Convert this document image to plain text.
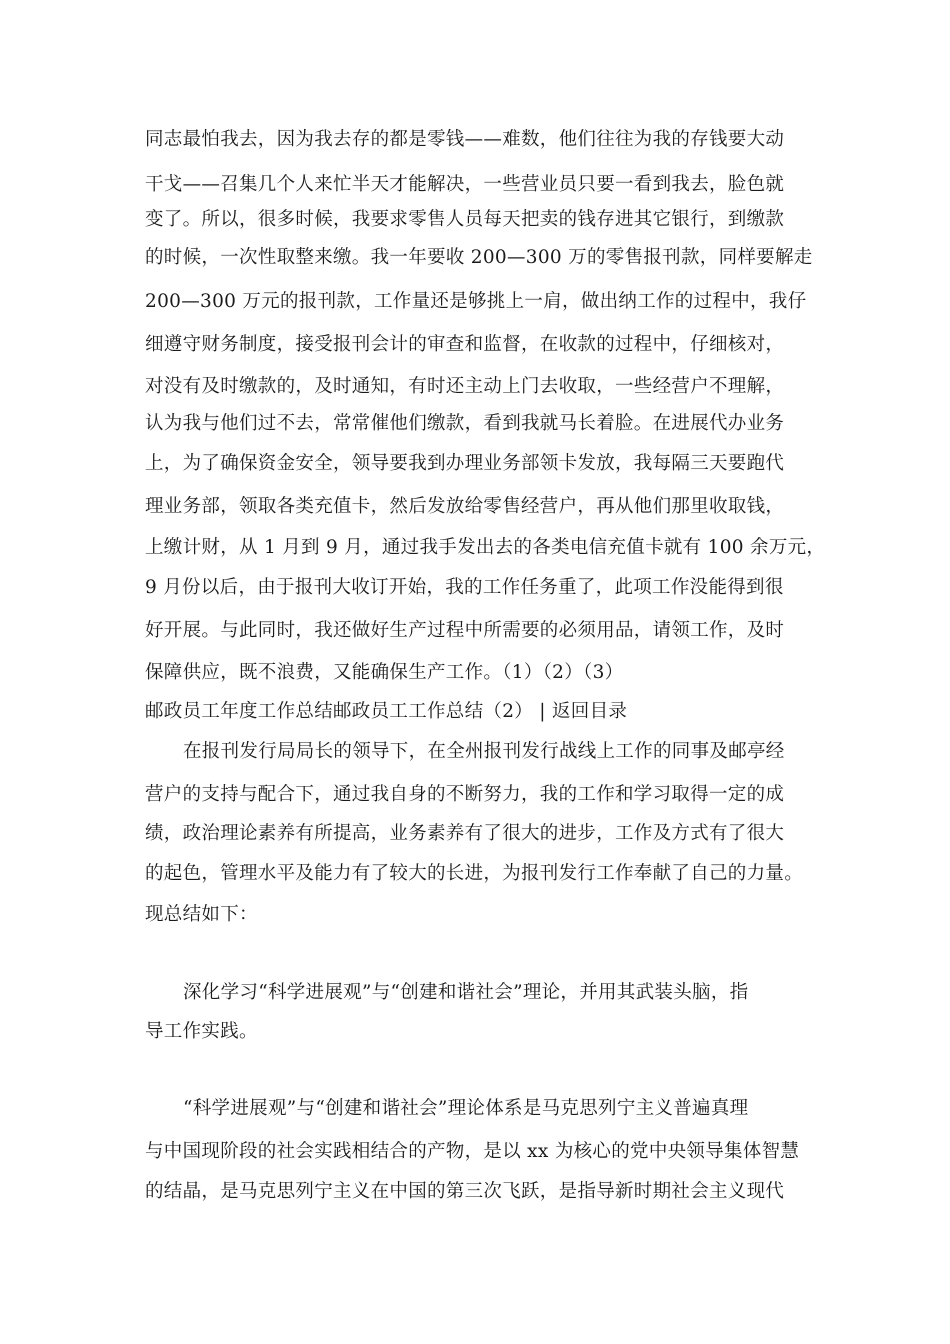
同志最怕我去，因为我去存的都是零钱——难数，他们往往为我的存钱要大动
干戈——召集几个人来忙半天才能解决，一些营业员只要一看到我去，脸色就
变了。所以，很多时候，我要求零售人员每天把卖的钱存进其它银行，到缴款
的时候，一次性取整来缴。我一年要收 200—300 万的零售报刊款，同样要解走
200—300 万元的报刊款，工作量还是够挑上一肩，做出纳工作的过程中，我仔
细遵守财务制度，接受报刊会计的审查和监督，在收款的过程中，仔细核对，
对没有及时缴款的，及时通知，有时还主动上门去收取，一些经营户不理解，
认为我与他们过不去，常常催他们缴款，看到我就马长着脸。在进展代办业务
上，为了确保资金安全，领导要我到办理业务部领卡发放，我每隔三天要跑代
理业务部，领取各类充值卡，然后发放给零售经营户，再从他们那里收取钱，
上缴计财，从 1 月到 9 月，通过我手发出去的各类电信充值卡就有 100 余万元，
9 月份以后，由于报刊大收订开始，我的工作任务重了，此项工作没能得到很
好开展。与此同时，我还做好生产过程中所需要的必须用品，请领工作，及时
保障供应，既不浪费，又能确保生产工作。（1）（2）（3）
邮政员工年度工作总结邮政员工工作总结（2） | 返回目录
在报刊发行局局长的领导下，在全州报刊发行战线上工作的同事及邮亭经
营户的支持与配合下，通过我自身的不断努力，我的工作和学习取得一定的成
绩，政治理论素养有所提高，业务素养有了很大的进步，工作及方式有了很大
的起色，管理水平及能力有了较大的长进，为报刊发行工作奉献了自己的力量。
现总结如下：
深化学习“科学进展观”与“创建和谐社会”理论，并用其武装头脑，指
导工作实践。
“科学进展观”与“创建和谐社会”理论体系是马克思列宁主义普遍真理
与中国现阶段的社会实践相结合的产物，是以 xx 为核心的党中央领导集体智慧
的结晶，是马克思列宁主义在中国的第三次飞跃，是指导新时期社会主义现代
